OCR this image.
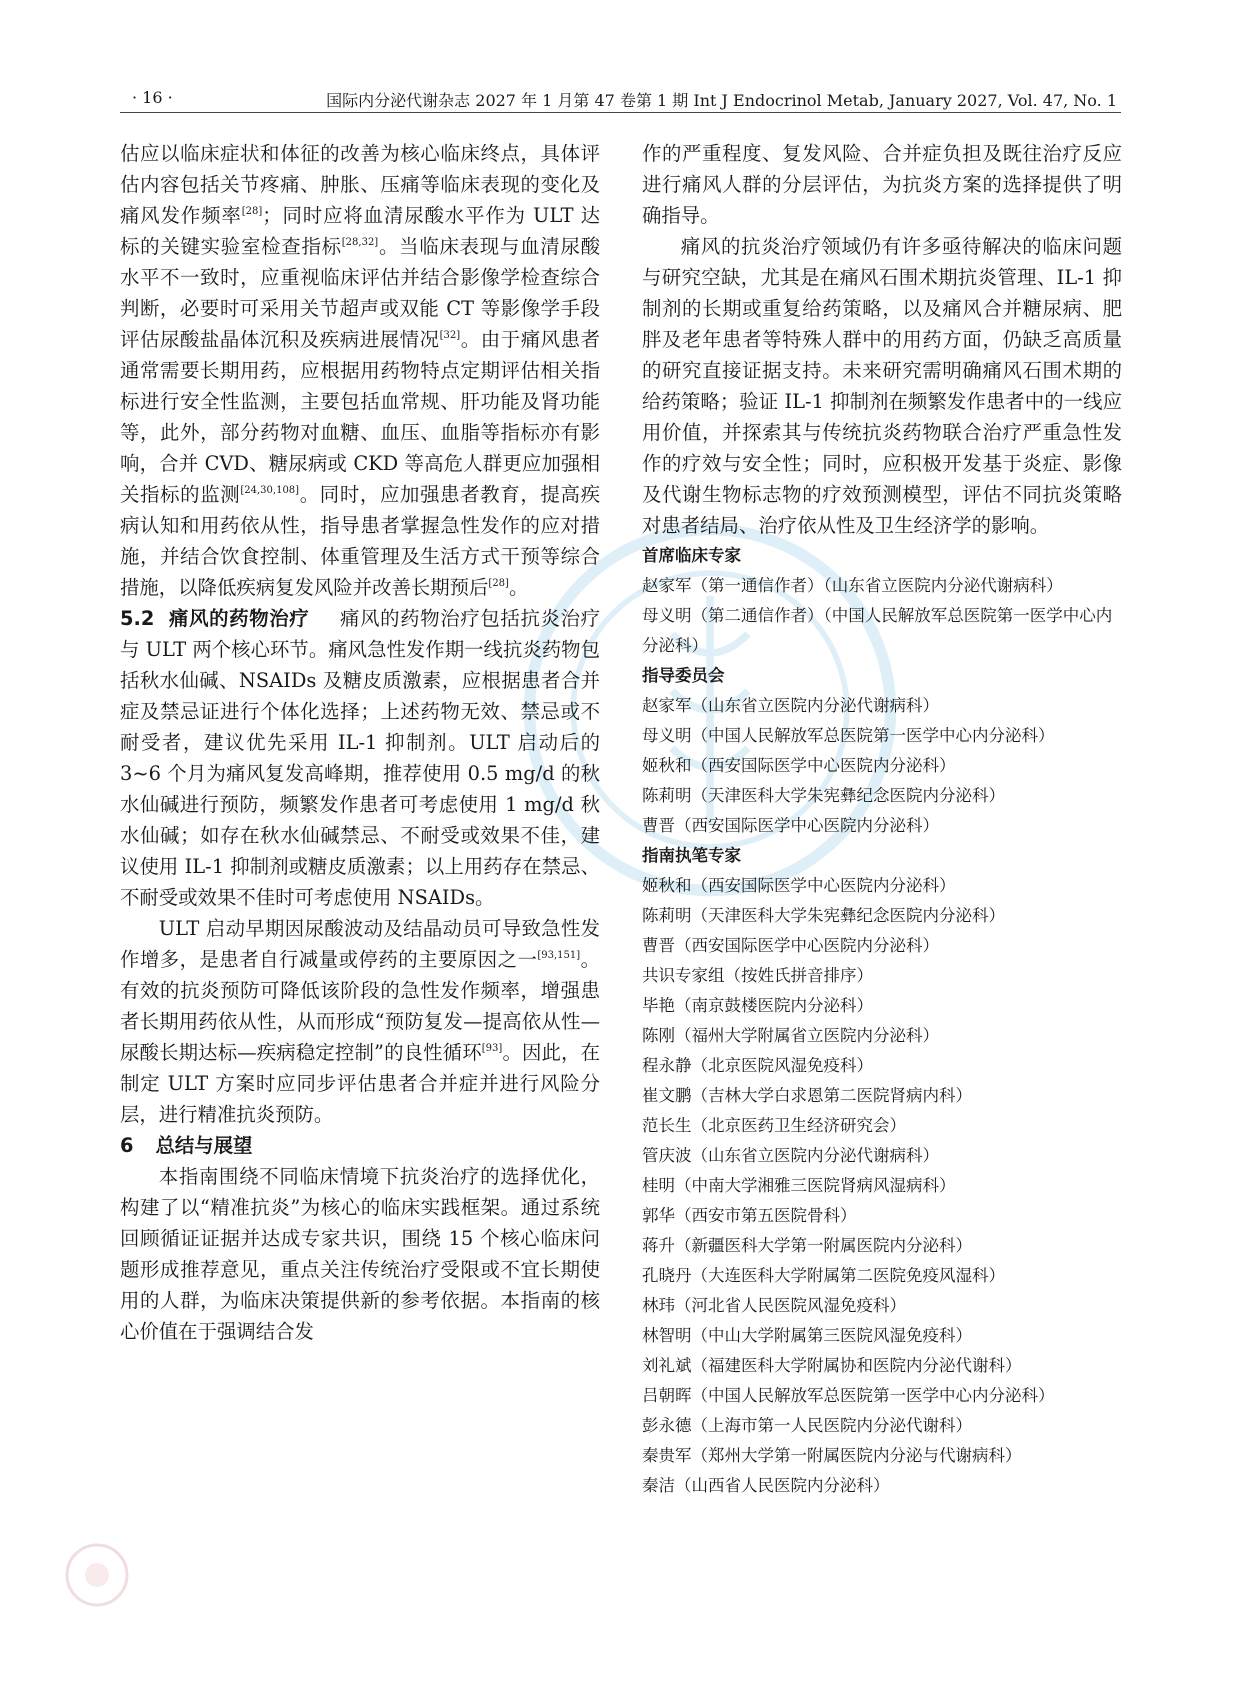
· 16 ·	国际内分泌代谢杂志 2027 年 1 月第 47 卷第 1 期 Int J Endocrinol Metab, January 2027, Vol. 47, No. 1

估应以临床症状和体征的改善为核心临床终点，具体评估内容包括关节疼痛、肿胀、压痛等临床表现的变化及痛风发作频率[28]；同时应将血清尿酸水平作为 ULT 达标的关键实验室检查指标[28,32]。当临床表现与血清尿酸水平不一致时，应重视临床评估并结合影像学检查综合判断，必要时可采用关节超声或双能 CT 等影像学手段评估尿酸盐晶体沉积及疾病进展情况[32]。由于痛风患者通常需要长期用药，应根据用药物特点定期评估相关指标进行安全性监测，主要包括血常规、肝功能及肾功能等，此外，部分药物对血糖、血压、血脂等指标亦有影响，合并 CVD、糖尿病或 CKD 等高危人群更应加强相关指标的监测[24,30,108]。同时，应加强患者教育，提高疾病认知和用药依从性，指导患者掌握急性发作的应对措施，并结合饮食控制、体重管理及生活方式干预等综合措施，以降低疾病复发风险并改善长期预后[28]。

5.2 痛风的药物治疗 痛风的药物治疗包括抗炎治疗与 ULT 两个核心环节。痛风急性发作期一线抗炎药物包括秋水仙碱、NSAIDs 及糖皮质激素，应根据患者合并症及禁忌证进行个体化选择；上述药物无效、禁忌或不耐受者，建议优先采用 IL-1 抑制剂。ULT 启动后的 3~6 个月为痛风复发高峰期，推荐使用 0.5 mg/d 的秋水仙碱进行预防，频繁发作患者可考虑使用 1 mg/d 秋水仙碱；如存在秋水仙碱禁忌、不耐受或效果不佳，建议使用 IL-1 抑制剂或糖皮质激素；以上用药存在禁忌、不耐受或效果不佳时可考虑使用 NSAIDs。

ULT 启动早期因尿酸波动及结晶动员可导致急性发作增多，是患者自行减量或停药的主要原因之一[93,151]。有效的抗炎预防可降低该阶段的急性发作频率，增强患者长期用药依从性，从而形成“预防复发—提高依从性—尿酸长期达标—疾病稳定控制”的良性循环[93]。因此，在制定 ULT 方案时应同步评估患者合并症并进行风险分层，进行精准抗炎预防。

6 总结与展望

本指南围绕不同临床情境下抗炎治疗的选择优化，构建了以“精准抗炎”为核心的临床实践框架。通过系统回顾循证证据并达成专家共识，围绕 15 个核心临床问题形成推荐意见，重点关注传统治疗受限或不宜长期使用的人群，为临床决策提供新的参考依据。本指南的核心价值在于强调结合发

作的严重程度、复发风险、合并症负担及既往治疗反应进行痛风人群的分层评估，为抗炎方案的选择提供了明确指导。

痛风的抗炎治疗领域仍有许多亟待解决的临床问题与研究空缺，尤其是在痛风石围术期抗炎管理、IL-1 抑制剂的长期或重复给药策略，以及痛风合并糖尿病、肥胖及老年患者等特殊人群中的用药方面，仍缺乏高质量的研究直接证据支持。未来研究需明确痛风石围术期的给药策略；验证 IL-1 抑制剂在频繁发作患者中的一线应用价值，并探索其与传统抗炎药物联合治疗严重急性发作的疗效与安全性；同时，应积极开发基于炎症、影像及代谢生物标志物的疗效预测模型，评估不同抗炎策略对患者结局、治疗依从性及卫生经济学的影响。

首席临床专家

赵家军（第一通信作者）（山东省立医院内分泌代谢病科）

母义明（第二通信作者）（中国人民解放军总医院第一医学中心内分泌科）

指导委员会

赵家军（山东省立医院内分泌代谢病科）

母义明（中国人民解放军总医院第一医学中心内分泌科）

姬秋和（西安国际医学中心医院内分泌科）

陈莉明（天津医科大学朱宪彝纪念医院内分泌科）

曹晋（西安国际医学中心医院内分泌科）

指南执笔专家

姬秋和（西安国际医学中心医院内分泌科）

陈莉明（天津医科大学朱宪彝纪念医院内分泌科）

曹晋（西安国际医学中心医院内分泌科）

共识专家组（按姓氏拼音排序）

毕艳（南京鼓楼医院内分泌科）

陈刚（福州大学附属省立医院内分泌科）

程永静（北京医院风湿免疫科）

崔文鹏（吉林大学白求恩第二医院肾病内科）

范长生（北京医药卫生经济研究会）

管庆波（山东省立医院内分泌代谢病科）

桂明（中南大学湘雅三医院肾病风湿病科）

郭华（西安市第五医院骨科）

蒋升（新疆医科大学第一附属医院内分泌科）

孔晓丹（大连医科大学附属第二医院免疫风湿科）

林玮（河北省人民医院风湿免疫科）

林智明（中山大学附属第三医院风湿免疫科）

刘礼斌（福建医科大学附属协和医院内分泌代谢科）

吕朝晖（中国人民解放军总医院第一医学中心内分泌科）

彭永德（上海市第一人民医院内分泌代谢科）

秦贵军（郑州大学第一附属医院内分泌与代谢病科）

秦洁（山西省人民医院内分泌科）
